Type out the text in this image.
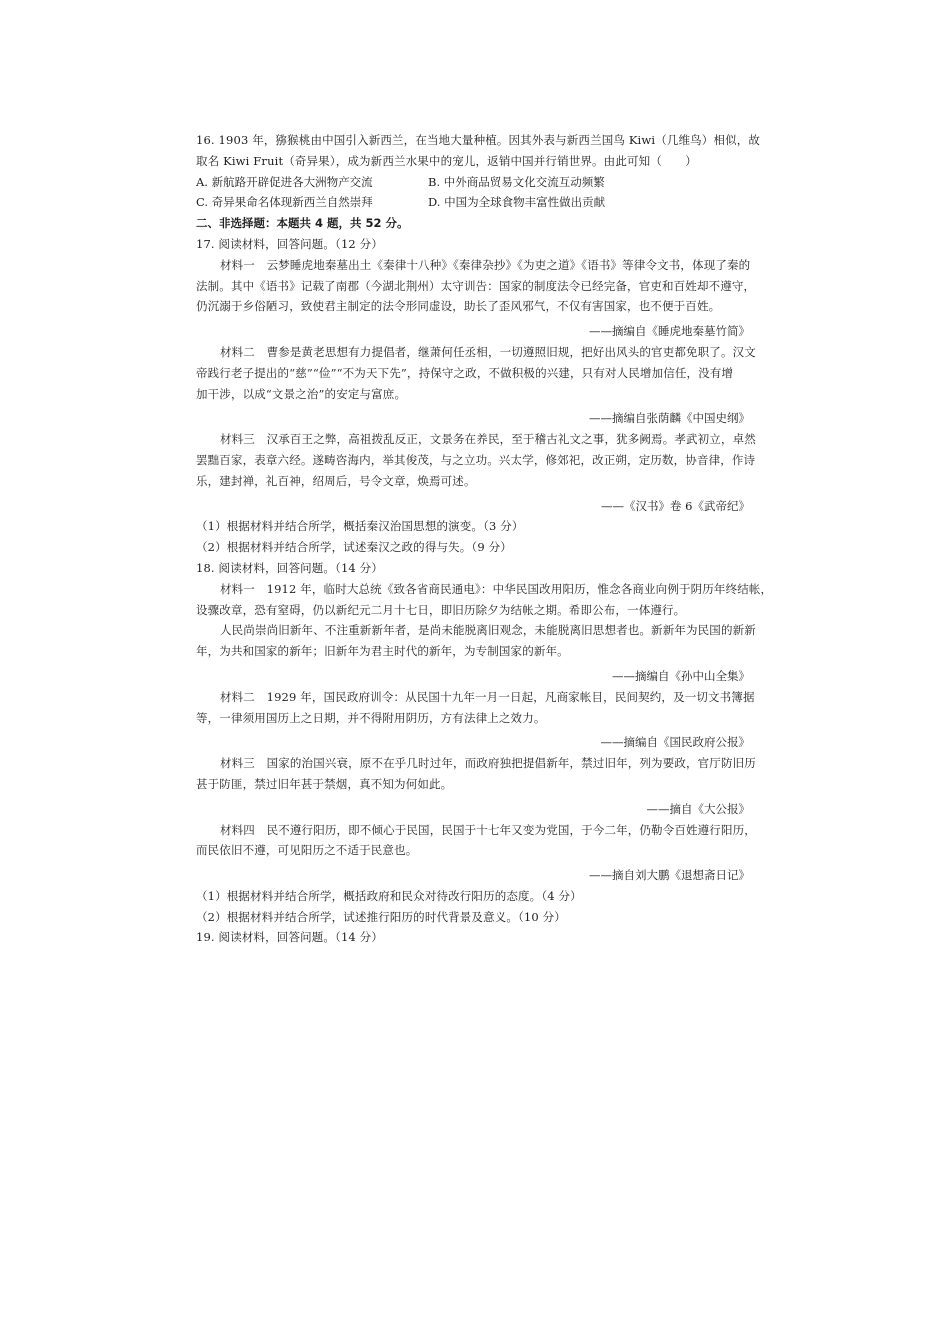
16. 1903 年，猕猴桃由中国引入新西兰，在当地大量种植。因其外表与新西兰国鸟 Kiwi（几维鸟）相似，故
取名 Kiwi Fruit（奇异果），成为新西兰水果中的宠儿，返销中国并行销世界。由此可知（　　）
A. 新航路开辟促进各大洲物产交流	B. 中外商品贸易文化交流互动频繁
C. 奇异果命名体现新西兰自然崇拜	D. 中国为全球食物丰富性做出贡献
二、非选择题：本题共 4 题，共 52 分。
17. 阅读材料，回答问题。（12 分）
材料一　云梦睡虎地秦墓出土《秦律十八种》《秦律杂抄》《为吏之道》《语书》等律令文书，体现了秦的
法制。其中《语书》记载了南郡（今湖北荆州）太守训告：国家的制度法令已经完备，官吏和百姓却不遵守，
仍沉溺于乡俗陋习，致使君主制定的法令形同虚设，助长了歪风邪气，不仅有害国家，也不便于百姓。
——摘编自《睡虎地秦墓竹简》
材料二　曹参是黄老思想有力提倡者，继萧何任丞相，一切遵照旧规，把好出风头的官吏都免职了。汉文
帝践行老子提出的“慈”“俭”“不为天下先”，持保守之政，不做积极的兴建，只有对人民增加信任，没有增
加干涉，以成“文景之治”的安定与富庶。
——摘编自张荫麟《中国史纲》
材料三　汉承百王之弊，高祖拨乱反正，文景务在养民，至于稽古礼文之事，犹多阙焉。孝武初立，卓然
罢黜百家，表章六经。遂畴咨海内，举其俊茂，与之立功。兴太学，修郊祀，改正朔，定历数，协音律，作诗
乐，建封禅，礼百神，绍周后，号令文章，焕焉可述。
——《汉书》卷 6《武帝纪》
（1）根据材料并结合所学，概括秦汉治国思想的演变。（3 分）
（2）根据材料并结合所学，试述秦汉之政的得与失。（9 分）
18. 阅读材料，回答问题。（14 分）
材料一　1912 年，临时大总统《致各省商民通电》：中华民国改用阳历，惟念各商业向例于阴历年终结帐，
设骤改章，恐有窒碍，仍以新纪元二月十七日，即旧历除夕为结帐之期。希即公布，一体遵行。
人民尚崇尚旧新年、不注重新新年者，是尚未能脱离旧观念，未能脱离旧思想者也。新新年为民国的新新
年，为共和国家的新年；旧新年为君主时代的新年，为专制国家的新年。
——摘编自《孙中山全集》
材料二　1929 年，国民政府训令：从民国十九年一月一日起，凡商家帐目，民间契约，及一切文书簿据
等，一律须用国历上之日期，并不得附用阴历，方有法律上之效力。
——摘编自《国民政府公报》
材料三　国家的治国兴衰，原不在乎几时过年，而政府独把提倡新年，禁过旧年，列为要政，官厅防旧历
甚于防匪，禁过旧年甚于禁烟，真不知为何如此。
——摘自《大公报》
材料四　民不遵行阳历，即不倾心于民国，民国于十七年又变为党国，于今二年，仍勒令百姓遵行阳历，
而民依旧不遵，可见阳历之不适于民意也。
——摘自刘大鹏《退想斋日记》
（1）根据材料并结合所学，概括政府和民众对待改行阳历的态度。（4 分）
（2）根据材料并结合所学，试述推行阳历的时代背景及意义。（10 分）
19. 阅读材料，回答问题。（14 分）
